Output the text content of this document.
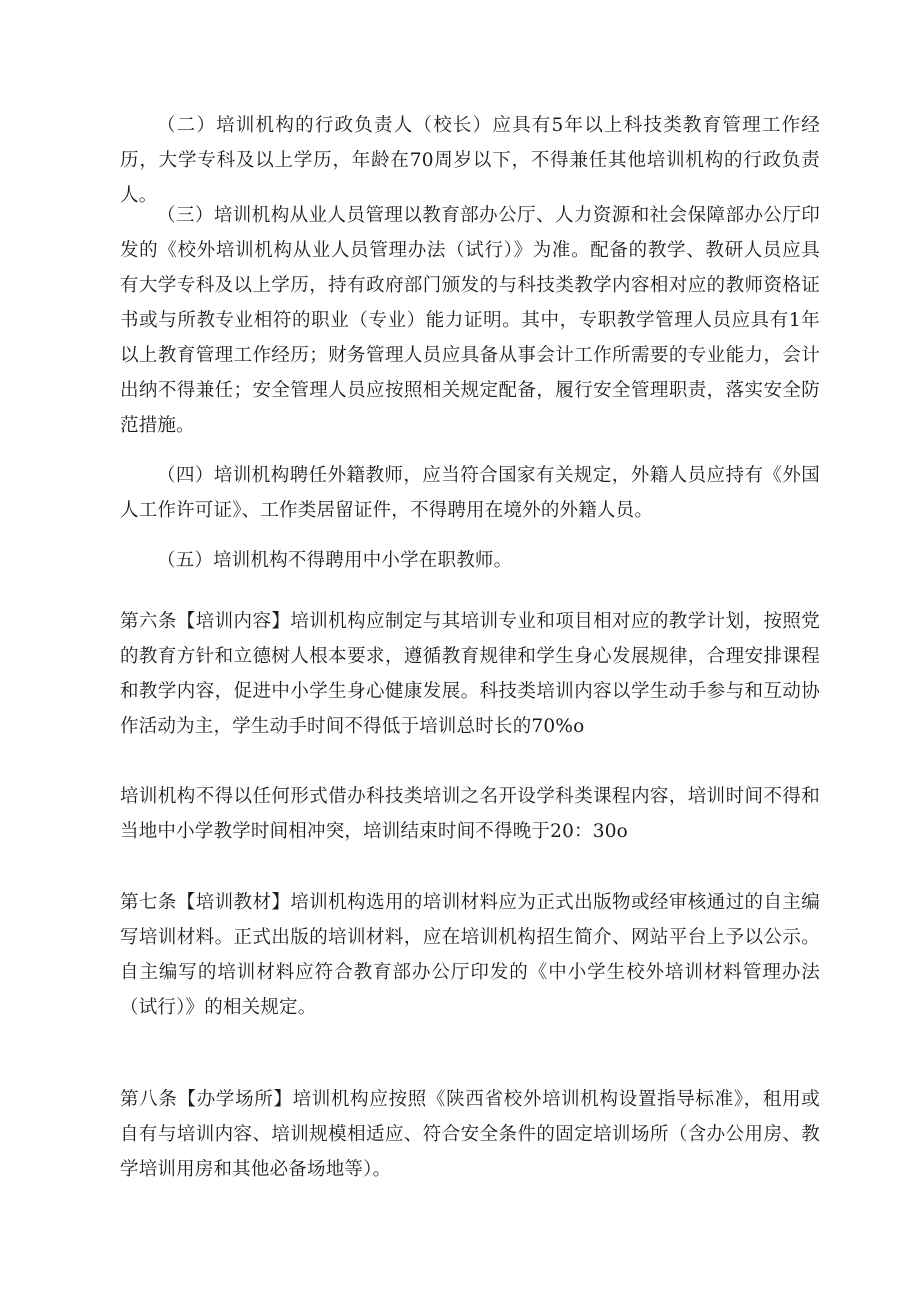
（二）培训机构的行政负责人（校长）应具有5年以上科技类教育管理工作经历，大学专科及以上学历，年龄在70周岁以下，不得兼任其他培训机构的行政负责人。

（三）培训机构从业人员管理以教育部办公厅、人力资源和社会保障部办公厅印发的《校外培训机构从业人员管理办法（试行）》为准。配备的教学、教研人员应具有大学专科及以上学历，持有政府部门颁发的与科技类教学内容相对应的教师资格证书或与所教专业相符的职业（专业）能力证明。其中，专职教学管理人员应具有1年以上教育管理工作经历；财务管理人员应具备从事会计工作所需要的专业能力，会计出纳不得兼任；安全管理人员应按照相关规定配备，履行安全管理职责，落实安全防范措施。

（四）培训机构聘任外籍教师，应当符合国家有关规定，外籍人员应持有《外国人工作许可证》、工作类居留证件，不得聘用在境外的外籍人员。

（五）培训机构不得聘用中小学在职教师。

第六条【培训内容】培训机构应制定与其培训专业和项目相对应的教学计划，按照党的教育方针和立德树人根本要求，遵循教育规律和学生身心发展规律，合理安排课程和教学内容，促进中小学生身心健康发展。科技类培训内容以学生动手参与和互动协作活动为主，学生动手时间不得低于培训总时长的70%o

培训机构不得以任何形式借办科技类培训之名开设学科类课程内容，培训时间不得和当地中小学教学时间相冲突，培训结束时间不得晚于20：30o

第七条【培训教材】培训机构选用的培训材料应为正式出版物或经审核通过的自主编写培训材料。正式出版的培训材料，应在培训机构招生简介、网站平台上予以公示。自主编写的培训材料应符合教育部办公厅印发的《中小学生校外培训材料管理办法（试行）》的相关规定。

第八条【办学场所】培训机构应按照《陕西省校外培训机构设置指导标准》，租用或自有与培训内容、培训规模相适应、符合安全条件的固定培训场所（含办公用房、教学培训用房和其他必备场地等）。
